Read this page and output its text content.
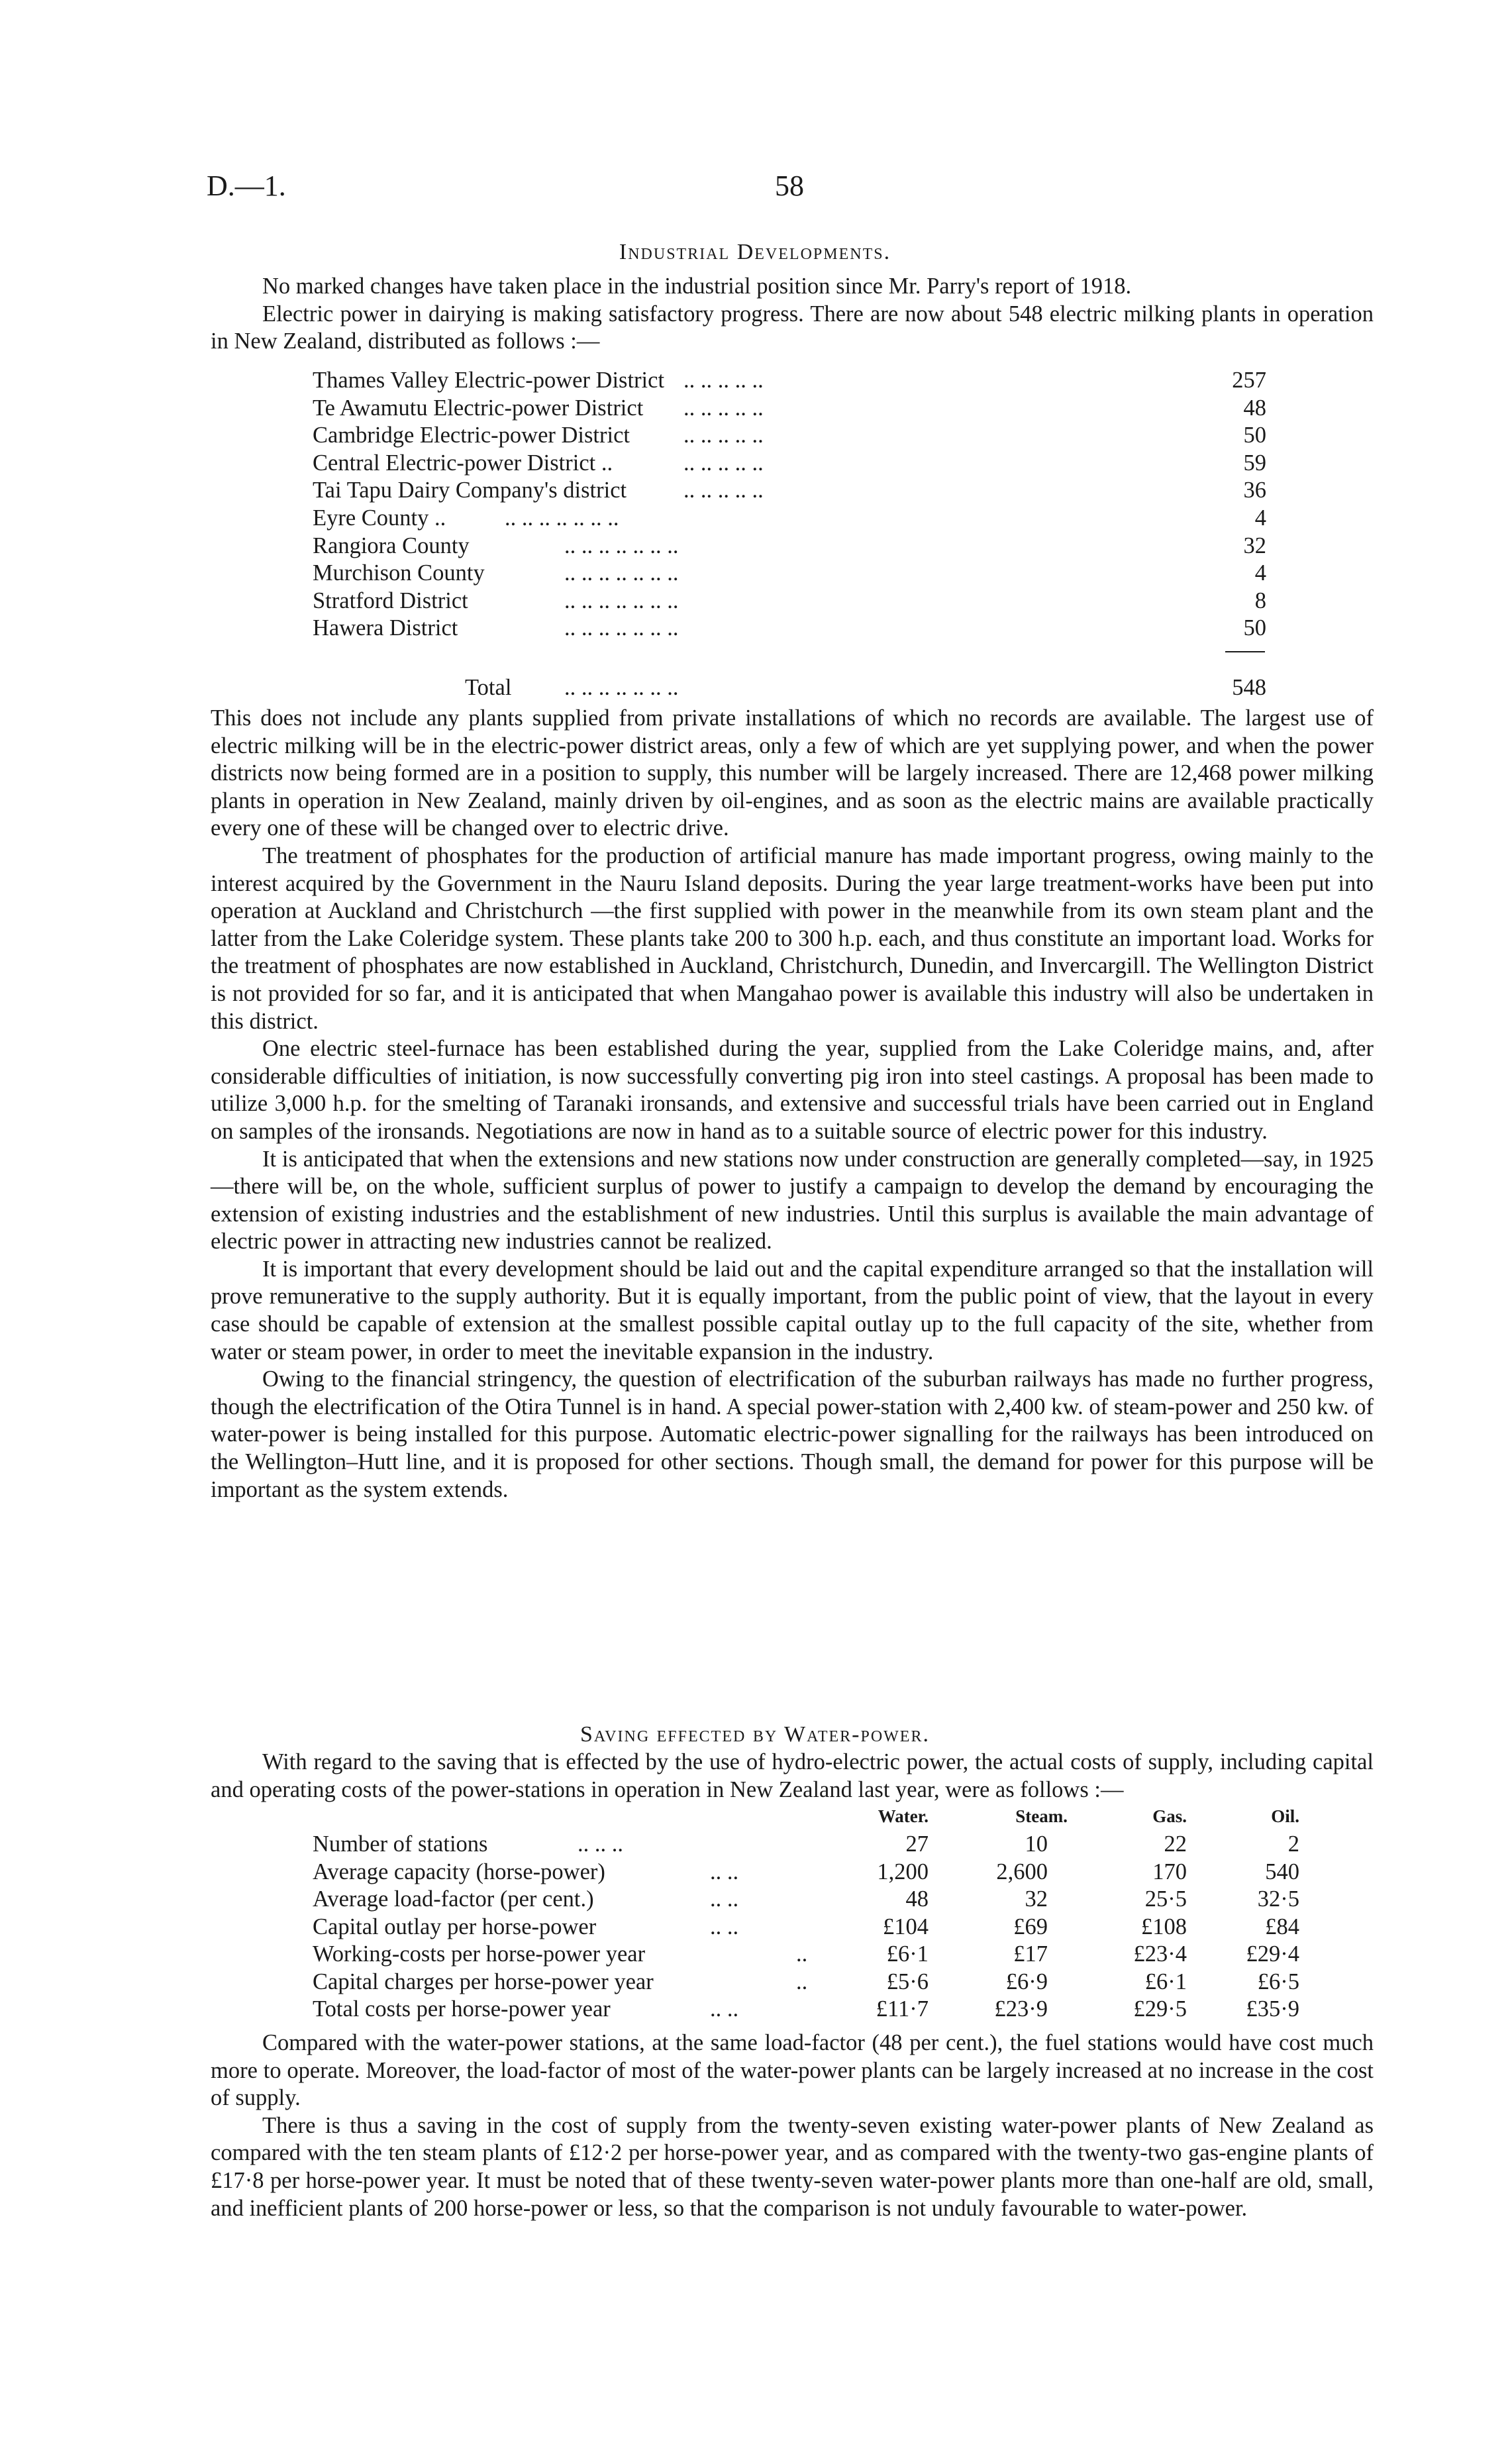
D.—1.	58
Industrial Developments.

No marked changes have taken place in the industrial position since Mr. Parry's report of 1918.

Electric power in dairying is making satisfactory progress. There are now about 548 electric milking plants in operation in New Zealand, distributed as follows :—

Thames Valley Electric-power District .. .. .. .. ..	257
Te Awamutu Electric-power District .. .. .. .. ..	48
Cambridge Electric-power District .. .. .. .. ..	50
Central Electric-power District ..	.. .. .. .. ..	59
Tai Tapu Dairy Company's district .. .. .. .. ..	36
Eyre County ..	.. .. .. .. .. .. ..	4
Rangiora County	.. .. .. .. .. .. ..	32
Murchison County	.. .. .. .. .. .. ..	4
Stratford District	.. .. .. .. .. .. ..	8
Hawera District	.. .. .. .. .. .. ..	50
Total .. .. .. .. .. .. ..	548

This does not include any plants supplied from private installations of which no records are available. The largest use of electric milking will be in the electric-power district areas, only a few of which are yet supplying power, and when the power districts now being formed are in a position to supply, this number will be largely increased. There are 12,468 power milking plants in operation in New Zealand, mainly driven by oil-engines, and as soon as the electric mains are available practically every one of these will be changed over to electric drive.

The treatment of phosphates for the production of artificial manure has made important progress, owing mainly to the interest acquired by the Government in the Nauru Island deposits. During the year large treatment-works have been put into operation at Auckland and Christchurch —the first supplied with power in the meanwhile from its own steam plant and the latter from the Lake Coleridge system. These plants take 200 to 300 h.p. each, and thus constitute an important load. Works for the treatment of phosphates are now established in Auckland, Christchurch, Dunedin, and Invercargill. The Wellington District is not provided for so far, and it is anticipated that when Mangahao power is available this industry will also be undertaken in this district.

One electric steel-furnace has been established during the year, supplied from the Lake Coleridge mains, and, after considerable difficulties of initiation, is now successfully converting pig iron into steel castings. A proposal has been made to utilize 3,000 h.p. for the smelting of Taranaki ironsands, and extensive and successful trials have been carried out in England on samples of the ironsands. Negotiations are now in hand as to a suitable source of electric power for this industry.

It is anticipated that when the extensions and new stations now under construction are generally completed—say, in 1925—there will be, on the whole, sufficient surplus of power to justify a campaign to develop the demand by encouraging the extension of existing industries and the establishment of new industries. Until this surplus is available the main advantage of electric power in attracting new industries cannot be realized.

It is important that every development should be laid out and the capital expenditure arranged so that the installation will prove remunerative to the supply authority. But it is equally important, from the public point of view, that the layout in every case should be capable of extension at the smallest possible capital outlay up to the full capacity of the site, whether from water or steam power, in order to meet the inevitable expansion in the industry.

Owing to the financial stringency, the question of electrification of the suburban railways has made no further progress, though the electrification of the Otira Tunnel is in hand. A special power-station with 2,400 kw. of steam-power and 250 kw. of water-power is being installed for this purpose. Automatic electric-power signalling for the railways has been introduced on the Wellington–Hutt line, and it is proposed for other sections. Though small, the demand for power for this purpose will be important as the system extends.

Saving effected by Water-power.

With regard to the saving that is effected by the use of hydro-electric power, the actual costs of supply, including capital and operating costs of the power-stations in operation in New Zealand last year, were as follows :—

Water.	Steam.	Gas.	Oil.
Number of stations	.. .. ..	27	10	22	2
Average capacity (horse-power)	.. ..	1,200	2,600	170	540
Average load-factor (per cent.)	.. ..	48	32	25·5	32·5
Capital outlay per horse-power	.. ..	£104	£69	£108	£84
Working-costs per horse-power year	..	£6·1	£17	£23·4	£29·4
Capital charges per horse-power year	..	£5·6	£6·9	£6·1	£6·5
Total costs per horse-power year	.. ..	£11·7	£23·9	£29·5	£35·9

Compared with the water-power stations, at the same load-factor (48 per cent.), the fuel stations would have cost much more to operate. Moreover, the load-factor of most of the water-power plants can be largely increased at no increase in the cost of supply.

There is thus a saving in the cost of supply from the twenty-seven existing water-power plants of New Zealand as compared with the ten steam plants of £12·2 per horse-power year, and as compared with the twenty-two gas-engine plants of £17·8 per horse-power year. It must be noted that of these twenty-seven water-power plants more than one-half are old, small, and inefficient plants of 200 horse-power or less, so that the comparison is not unduly favourable to water-power.
